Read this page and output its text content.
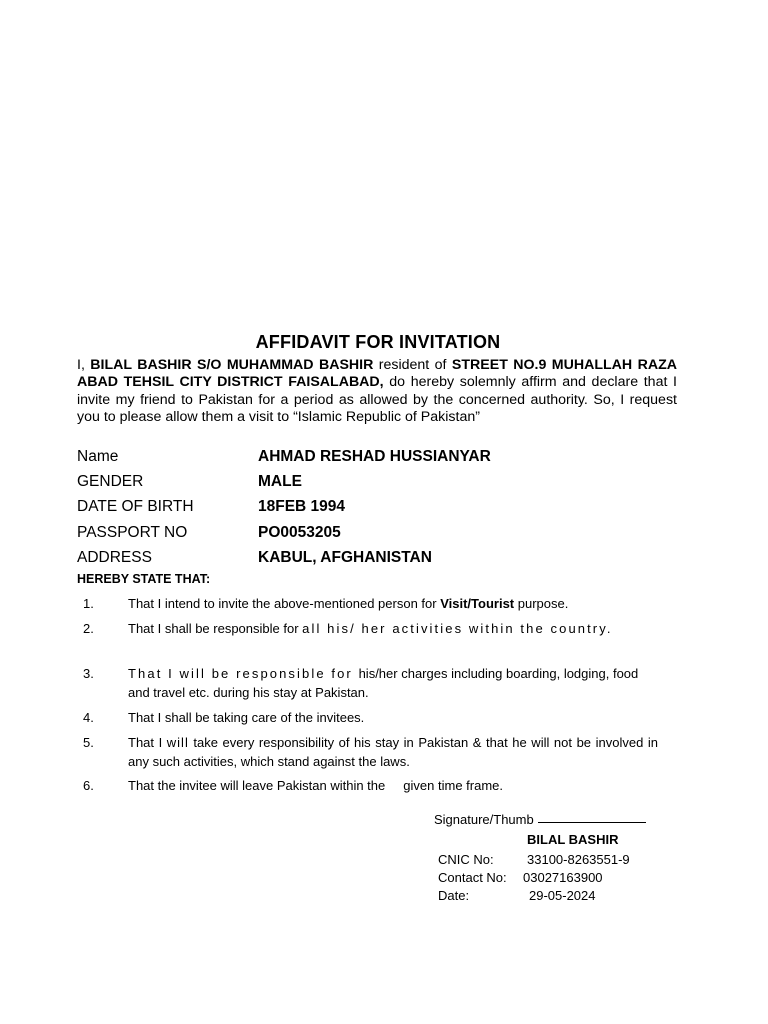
AFFIDAVIT FOR INVITATION
I, BILAL BASHIR S/O MUHAMMAD BASHIR resident of STREET NO.9 MUHALLAH RAZA ABAD TEHSIL CITY DISTRICT FAISALABAD, do hereby solemnly affirm and declare that I invite my friend to Pakistan for a period as allowed by the concerned authority. So, I request you to please allow them a visit to “Islamic Republic of Pakistan”
Name	AHMAD RESHAD HUSSIANYAR
GENDER	MALE
DATE OF BIRTH	18FEB 1994
PASSPORT NO	PO0053205
ADDRESS	KABUL, AFGHANISTAN
HEREBY STATE THAT:
1.	That I intend to invite the above-mentioned person for Visit/Tourist purpose.
2.	That I shall be responsible for all his/ her activities within the country.
3.	That I will be responsible for his/her charges including boarding, lodging, food and travel etc. during his stay at Pakistan.
4.	That I shall be taking care of the invitees.
5.	That I will take every responsibility of his stay in Pakistan & that he will not be involved in any such activities, which stand against the laws.
6.	That the invitee will leave Pakistan within the     given time frame.
Signature/Thumb
BILAL BASHIR
CNIC No:	33100-8263551-9
Contact No: 03027163900
Date:	29-05-2024
